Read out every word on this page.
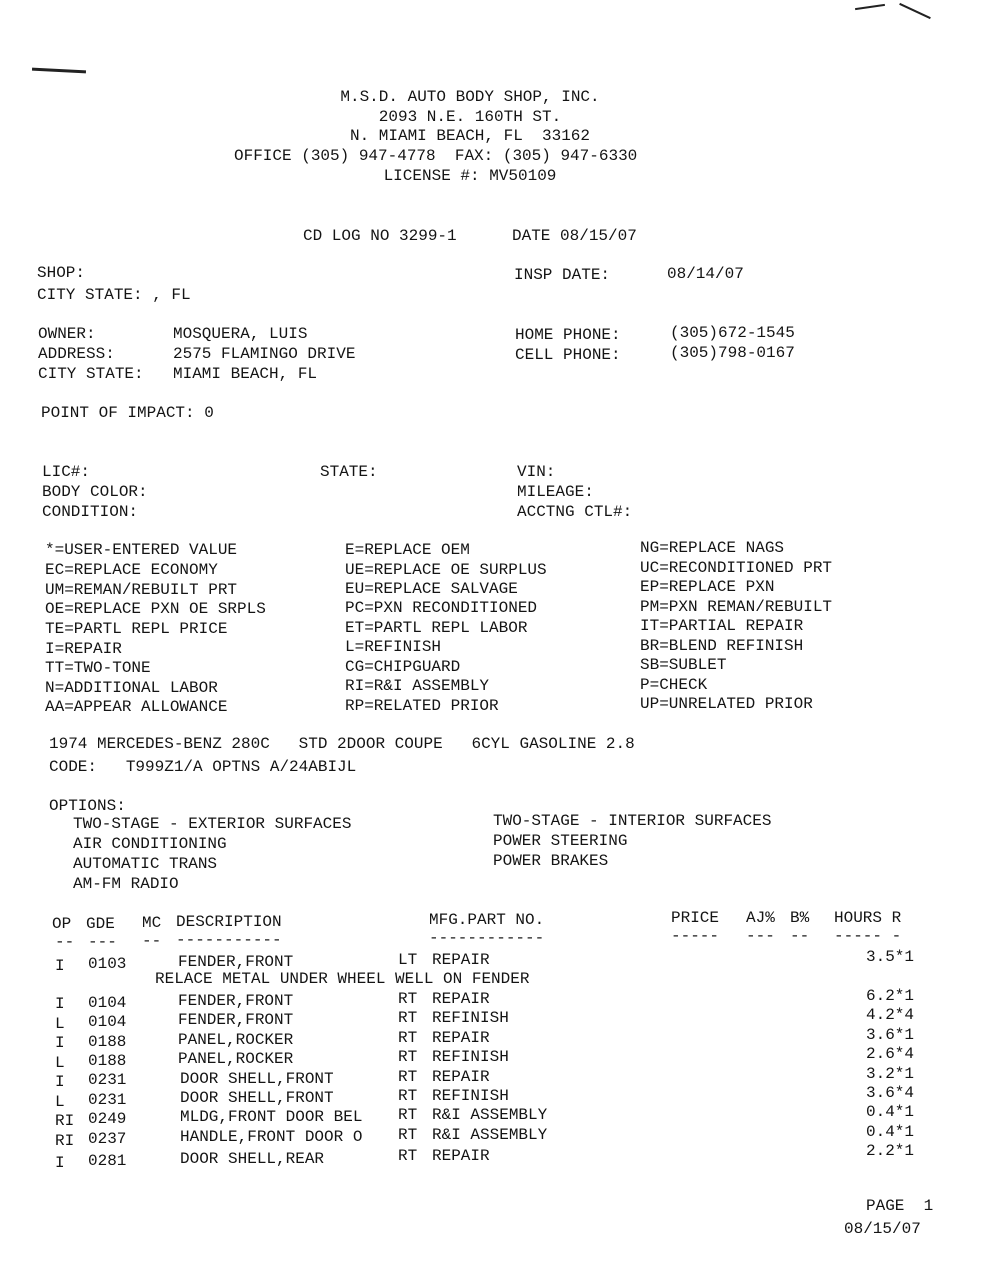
M.S.D. AUTO BODY SHOP, INC.
2093 N.E. 160TH ST.
N. MIAMI BEACH, FL  33162
OFFICE (305) 947-4778  FAX: (305) 947-6330
LICENSE #: MV50109
CD LOG NO 3299-1	DATE 08/15/07
SHOP:
CITY STATE: , FL
INSP DATE:	08/14/07
OWNER:	MOSQUERA, LUIS
ADDRESS:	2575 FLAMINGO DRIVE
CITY STATE: MIAMI BEACH, FL
HOME PHONE:	(305)672-1545
CELL PHONE:	(305)798-0167
POINT OF IMPACT: 0
LIC#:	STATE:	VIN:
BODY COLOR:	MILEAGE:
CONDITION:	ACCTNG CTL#:
*=USER-ENTERED VALUE
EC=REPLACE ECONOMY
UM=REMAN/REBUILT PRT
OE=REPLACE PXN OE SRPLS
TE=PARTL REPL PRICE
I=REPAIR
TT=TWO-TONE
N=ADDITIONAL LABOR
AA=APPEAR ALLOWANCE
E=REPLACE OEM
UE=REPLACE OE SURPLUS
EU=REPLACE SALVAGE
PC=PXN RECONDITIONED
ET=PARTL REPL LABOR
L=REFINISH
CG=CHIPGUARD
RI=R&I ASSEMBLY
RP=RELATED PRIOR
NG=REPLACE NAGS
UC=RECONDITIONED PRT
EP=REPLACE PXN
PM=PXN REMAN/REBUILT
IT=PARTIAL REPAIR
BR=BLEND REFINISH
SB=SUBLET
P=CHECK
UP=UNRELATED PRIOR
1974 MERCEDES-BENZ 280C   STD 2DOOR COUPE   6CYL GASOLINE 2.8
CODE:   T999Z1/A OPTNS A/24ABIJL
OPTIONS:
TWO-STAGE - EXTERIOR SURFACES
AIR CONDITIONING
AUTOMATIC TRANS
AM-FM RADIO
TWO-STAGE - INTERIOR SURFACES
POWER STEERING
POWER BRAKES
OP GDE MC DESCRIPTION	MFG.PART NO.	PRICE AJ% B% HOURS R
-- --- -- -----------	------------	----- --- -- ----- -
I 0103	FENDER,FRONT	LT REPAIR	3.5*1
RELACE METAL UNDER WHEEL WELL ON FENDER
I 0104	FENDER,FRONT	RT REPAIR	6.2*1
L 0104	FENDER,FRONT	RT REFINISH	4.2*4
I 0188	PANEL,ROCKER	RT REPAIR	3.6*1
L 0188	PANEL,ROCKER	RT REFINISH	2.6*4
I 0231	DOOR SHELL,FRONT	RT REPAIR	3.2*1
L 0231	DOOR SHELL,FRONT	RT REFINISH	3.6*4
RI 0249	MLDG,FRONT DOOR BEL RT R&I ASSEMBLY	0.4*1
RI 0237	HANDLE,FRONT DOOR O RT R&I ASSEMBLY	0.4*1
I 0281	DOOR SHELL,REAR	RT REPAIR	2.2*1
PAGE  1
08/15/07
